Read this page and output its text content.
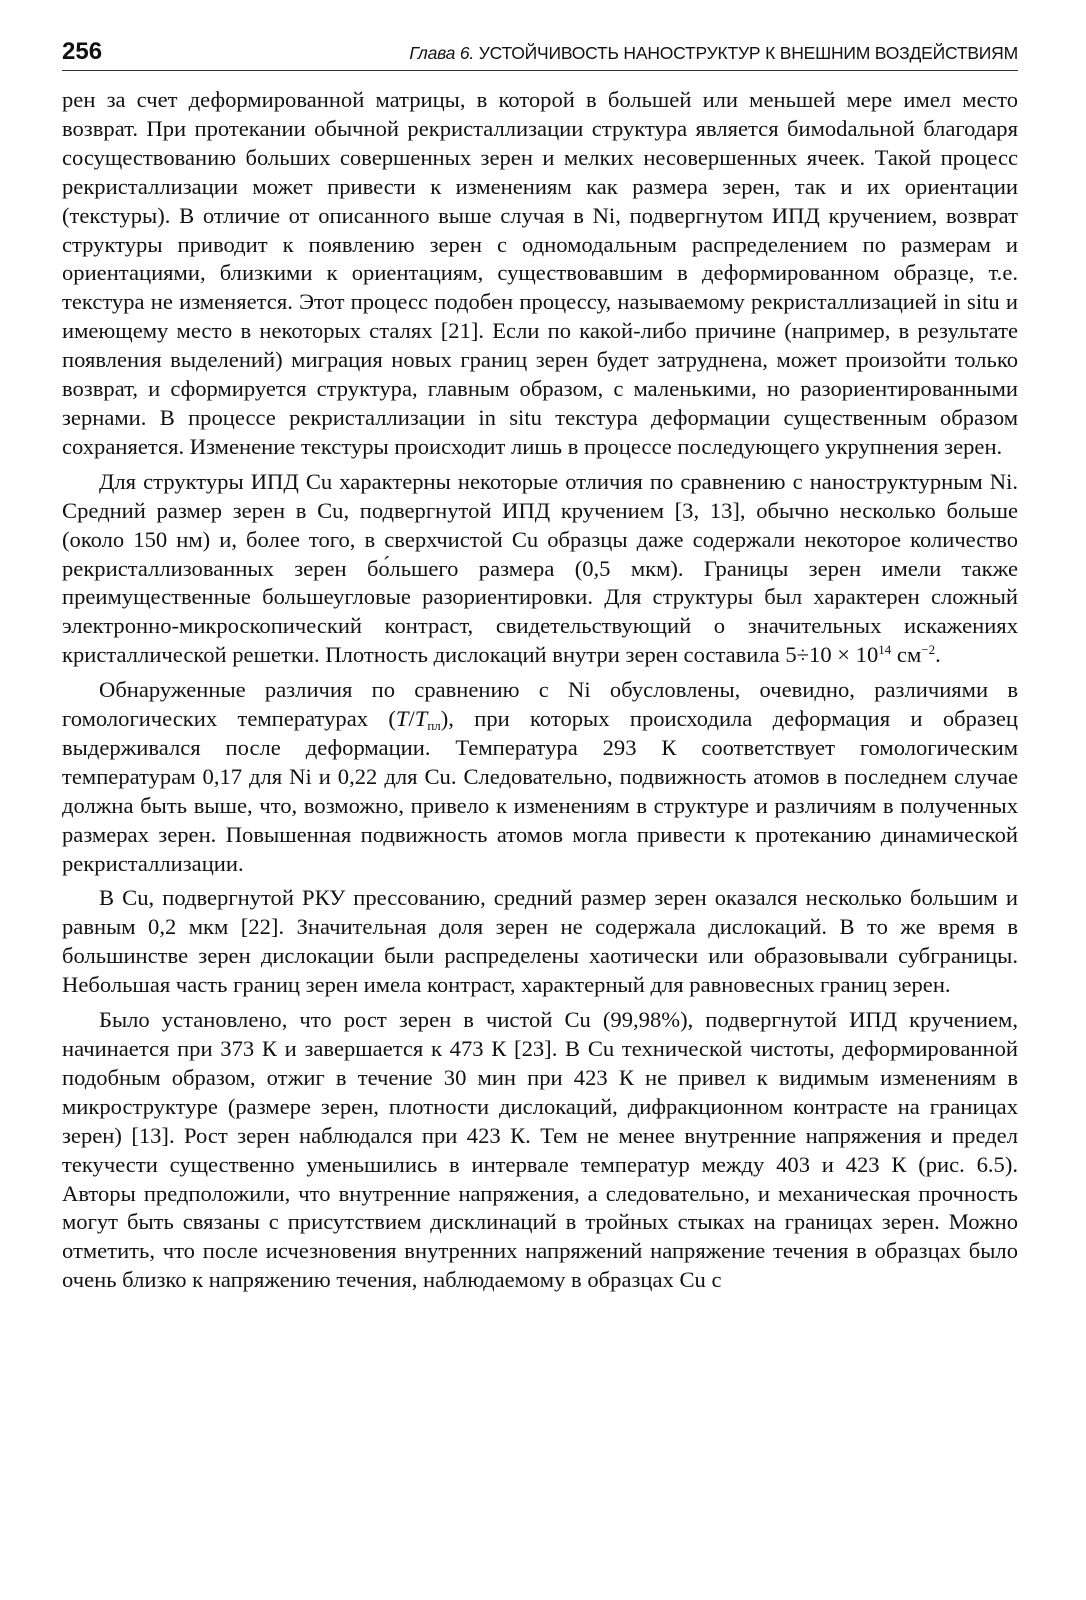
256	Глава 6. УСТОЙЧИВОСТЬ НАНОСТРУКТУР К ВНЕШНИМ ВОЗДЕЙСТВИЯМ

рен за счет деформированной матрицы, в которой в большей или меньшей мере имел место возврат. При протекании обычной рекристаллизации структура является бимоdальной благодаря сосуществованию больших совершенных зерен и мелких несовершенных ячеек. Такой процесс рекристаллизации может привести к изменениям как размера зерен, так и их ориентации (текстуры). В отличие от описанного выше случая в Ni, подвергнутом ИПД кручением, возврат структуры приводит к появлению зерен с одномодальным распределением по размерам и ориентациями, близкими к ориентациям, существовавшим в деформированном образце, т.е. текстура не изменяется. Этот процесс подобен процессу, называемому рекристаллизацией in situ и имеющему место в некоторых сталях [21]. Если по какой-либо причине (например, в результате появления выделений) миграция новых границ зерен будет затруднена, может произойти только возврат, и сформируется структура, главным образом, с маленькими, но разориентированными зернами. В процессе рекристаллизации in situ текстура деформации существенным образом сохраняется. Изменение текстуры происходит лишь в процессе последующего укрупнения зерен.

Для структуры ИПД Cu характерны некоторые отличия по сравнению с наноструктурным Ni. Средний размер зерен в Cu, подвергнутой ИПД кручением [3, 13], обычно несколько больше (около 150 нм) и, более того, в сверхчистой Cu образцы даже содержали некоторое количество рекристаллизованных зерен бо́льшего размера (0,5 мкм). Границы зерен имели также преимущественные большеугловые разориентировки. Для структуры был характерен сложный электронно-микроскопический контраст, свидетельствующий о значительных искажениях кристаллической решетки. Плотность дислокаций внутри зерен составила $5\div 10 \times 10^{14}$ $см^{-2}$.

Обнаруженные различия по сравнению с Ni обусловлены, очевидно, различиями в гомологических температурах $(T/T_{пл})$, при которых происходила деформация и образец выдерживался после деформации. Температура 293 К соответствует гомологическим температурам 0,17 для Ni и 0,22 для Cu. Следовательно, подвижность атомов в последнем случае должна быть выше, что, возможно, привело к изменениям в структуре и различиям в полученных размерах зерен. Повышенная подвижность атомов могла привести к протеканию динамической рекристаллизации.

В Cu, подвергнутой РКУ прессованию, средний размер зерен оказался несколько большим и равным 0,2 мкм [22]. Значительная доля зерен не содержала дислокаций. В то же время в большинстве зерен дислокации были распределены хаотически или образовывали субграницы. Небольшая часть границ зерен имела контраст, характерный для равновесных границ зерен.

Было установлено, что рост зерен в чистой Cu (99,98%), подвергнутой ИПД кручением, начинается при 373 К и завершается к 473 К [23]. В Cu технической чистоты, деформированной подобным образом, отжиг в течение 30 мин при 423 К не привел к видимым изменениям в микроструктуре (размере зерен, плотности дислокаций, дифракционном контрасте на границах зерен) [13]. Рост зерен наблюдался при 423 К. Тем не менее внутренние напряжения и предел текучести существенно уменьшились в интервале температур между 403 и 423 К (рис. 6.5). Авторы предположили, что внутренние напряжения, а следовательно, и механическая прочность могут быть связаны с присутствием дисклинаций в тройных стыках на границах зерен. Можно отметить, что после исчезновения внутренних напряжений напряжение течения в образцах было очень близко к напряжению течения, наблюдаемому в образцах Cu с
